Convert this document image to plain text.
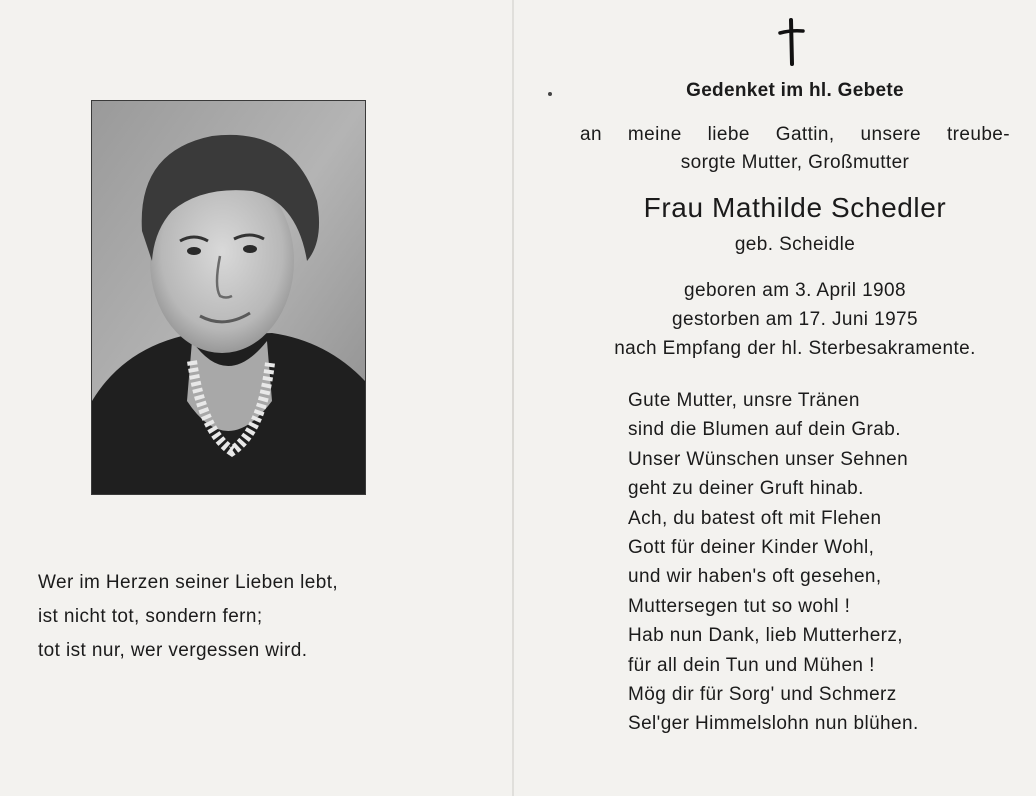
Wer im Herzen seiner Lieben lebt,
ist nicht tot, sondern fern;
tot ist nur, wer vergessen wird.
Gedenket im hl. Gebete
an meine liebe Gattin, unsere treube-
sorgte Mutter, Großmutter
Frau Mathilde Schedler
geb. Scheidle
geboren am 3. April 1908
gestorben am 17. Juni 1975
nach Empfang der hl. Sterbesakramente.
Gute Mutter, unsre Tränen
sind die Blumen auf dein Grab.
Unser Wünschen unser Sehnen
geht zu deiner Gruft hinab.
Ach, du batest oft mit Flehen
Gott für deiner Kinder Wohl,
und wir haben's oft gesehen,
Muttersegen tut so wohl !
Hab nun Dank, lieb Mutterherz,
für all dein Tun und Mühen !
Mög dir für Sorg' und Schmerz
Sel'ger Himmelslohn nun blühen.
